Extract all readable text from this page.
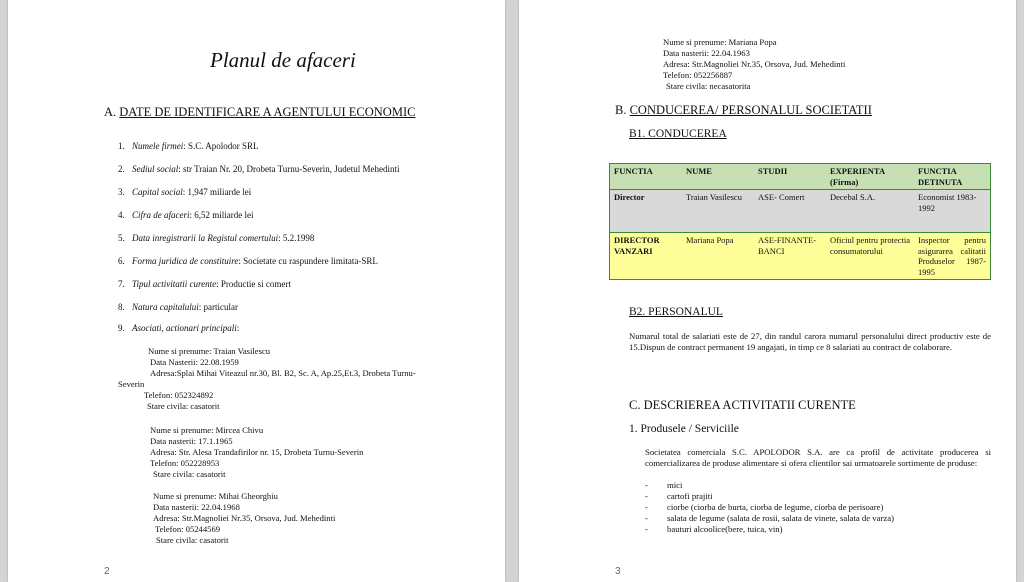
Planul de afaceri
A. DATE DE IDENTIFICARE A AGENTULUI ECONOMIC
1. Numele firmei: S.C. Apolodor SRL
2. Sediul social: str Traian Nr. 20, Drobeta Turnu-Severin, Judetul Mehedinti
3. Capital social: 1,947 miliarde lei
4. Cifra de afaceri: 6,52 miliarde lei
5. Data inregistrarii la Registul comertului: 5.2.1998
6. Forma juridica de constituire: Societate cu raspundere limitata-SRL
7. Tipul activitatii curente: Productie si comert
8. Natura capitalului: particular
9. Asociati, actionari principali:
Nume si prenume: Traian Vasilescu
Data Nasterii: 22.08.1959
Adresa:Splai Mihai Viteazul nr.30, Bl. B2, Sc. A, Ap.25,Et.3, Drobeta Turnu-
Severin
Telefon: 052324892
Stare civila: casatorit
Nume si prenume: Mircea Chivu
Data nasterii: 17.1.1965
Adresa: Str. Alesa Trandafirilor nr. 15, Drobeta Turnu-Severin
Telefon: 052228953
Stare civila: casatorit
Nume si prenume: Mihai Gheorghiu
Data nasterii: 22.04.1968
Adresa: Str.Magnoliei Nr.35, Orsova, Jud. Mehedinti
Telefon: 05244569
Stare civila: casatorit
2
Nume si prenume: Mariana Popa
Data nasterii: 22.04.1963
Adresa: Str.Magnoliei Nr.35, Orsova, Jud. Mehedinti
Telefon: 052256887
Stare civila: necasatorita
B. CONDUCEREA/ PERSONALUL SOCIETATII
B1. CONDUCEREA
FUNCTIA	NUME	STUDII	EXPERIENTA (Firma)	FUNCTIA DETINUTA
Director	Traian Vasilescu	ASE- Comert	Decebal S.A.	Economist 1983-1992
DIRECTOR VANZARI	Mariana Popa	ASE-FINANTE-BANCI	Oficiul pentru protectia consumatorului	Inspector pentru asigurarea calitatii Produselor 1987-1995
B2. PERSONALUL
Numarul total de salariati este de 27, din randul carora numarul personalului direct productiv este de 15.Dispun de contract permanent 19 angajati, in timp ce 8 salariati au contract de colaborare.
C. DESCRIEREA ACTIVITATII CURENTE
1. Produsele / Serviciile
Societatea comerciala S.C. APOLODOR S.A. are ca profil de activitate producerea si comercializarea de produse alimentare si ofera clientilor sai urmatoarele sortimente de produse:
- mici
- cartofi prajiti
- ciorbe (ciorba de burta, ciorba de legume, ciorba de perisoare)
- salata de legume (salata de rosii, salata de vinete, salata de varza)
- bauturi alcoolice(bere, tuica, vin)
3
